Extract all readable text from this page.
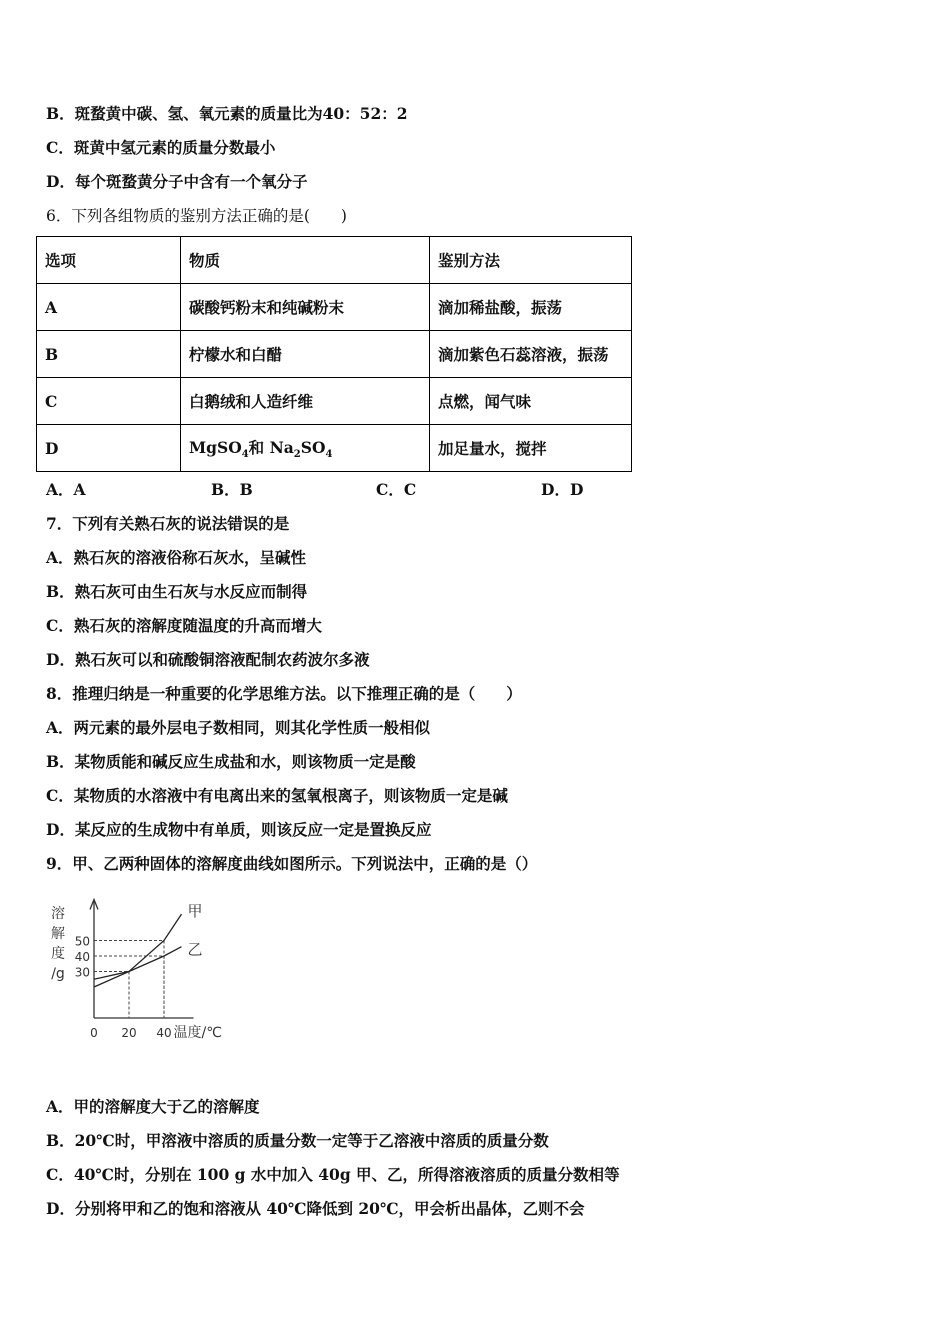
B．斑蝥黄中碳、氢、氧元素的质量比为40：52：2
C．斑黄中氢元素的质量分数最小
D．每个斑蝥黄分子中含有一个氧分子
6．下列各组物质的鉴别方法正确的是(　　)
选项	物质	鉴别方法
A	碳酸钙粉末和纯碱粉末	滴加稀盐酸，振荡
B	柠檬水和白醋	滴加紫色石蕊溶液，振荡
C	白鹅绒和人造纤维	点燃，闻气味
D	MgSO$_4$和 $Na_2SO_4$	加足量水，搅拌
A．A	B．B	C．C	D．D
7．下列有关熟石灰的说法错误的是
A．熟石灰的溶液俗称石灰水，呈碱性
B．熟石灰可由生石灰与水反应而制得
C．熟石灰的溶解度随温度的升高而增大
D．熟石灰可以和硫酸铜溶液配制农药波尔多液
8．推理归纳是一种重要的化学思维方法。以下推理正确的是（　　）
A．两元素的最外层电子数相同，则其化学性质一般相似
B．某物质能和碱反应生成盐和水，则该物质一定是酸
C．某物质的水溶液中有电离出来的氢氧根离子，则该物质一定是碱
D．某反应的生成物中有单质，则该反应一定是置换反应
9．甲、乙两种固体的溶解度曲线如图所示。下列说法中，正确的是（）
甲
乙
30
40
50
0 20 40
溶
解
度
/g
温度/℃
A．甲的溶解度大于乙的溶解度
B．20℃时，甲溶液中溶质的质量分数一定等于乙溶液中溶质的质量分数
C．40℃时，分别在 100 g 水中加入 40g 甲、乙，所得溶液溶质的质量分数相等
D．分别将甲和乙的饱和溶液从 40℃降低到 20℃，甲会析出晶体，乙则不会
